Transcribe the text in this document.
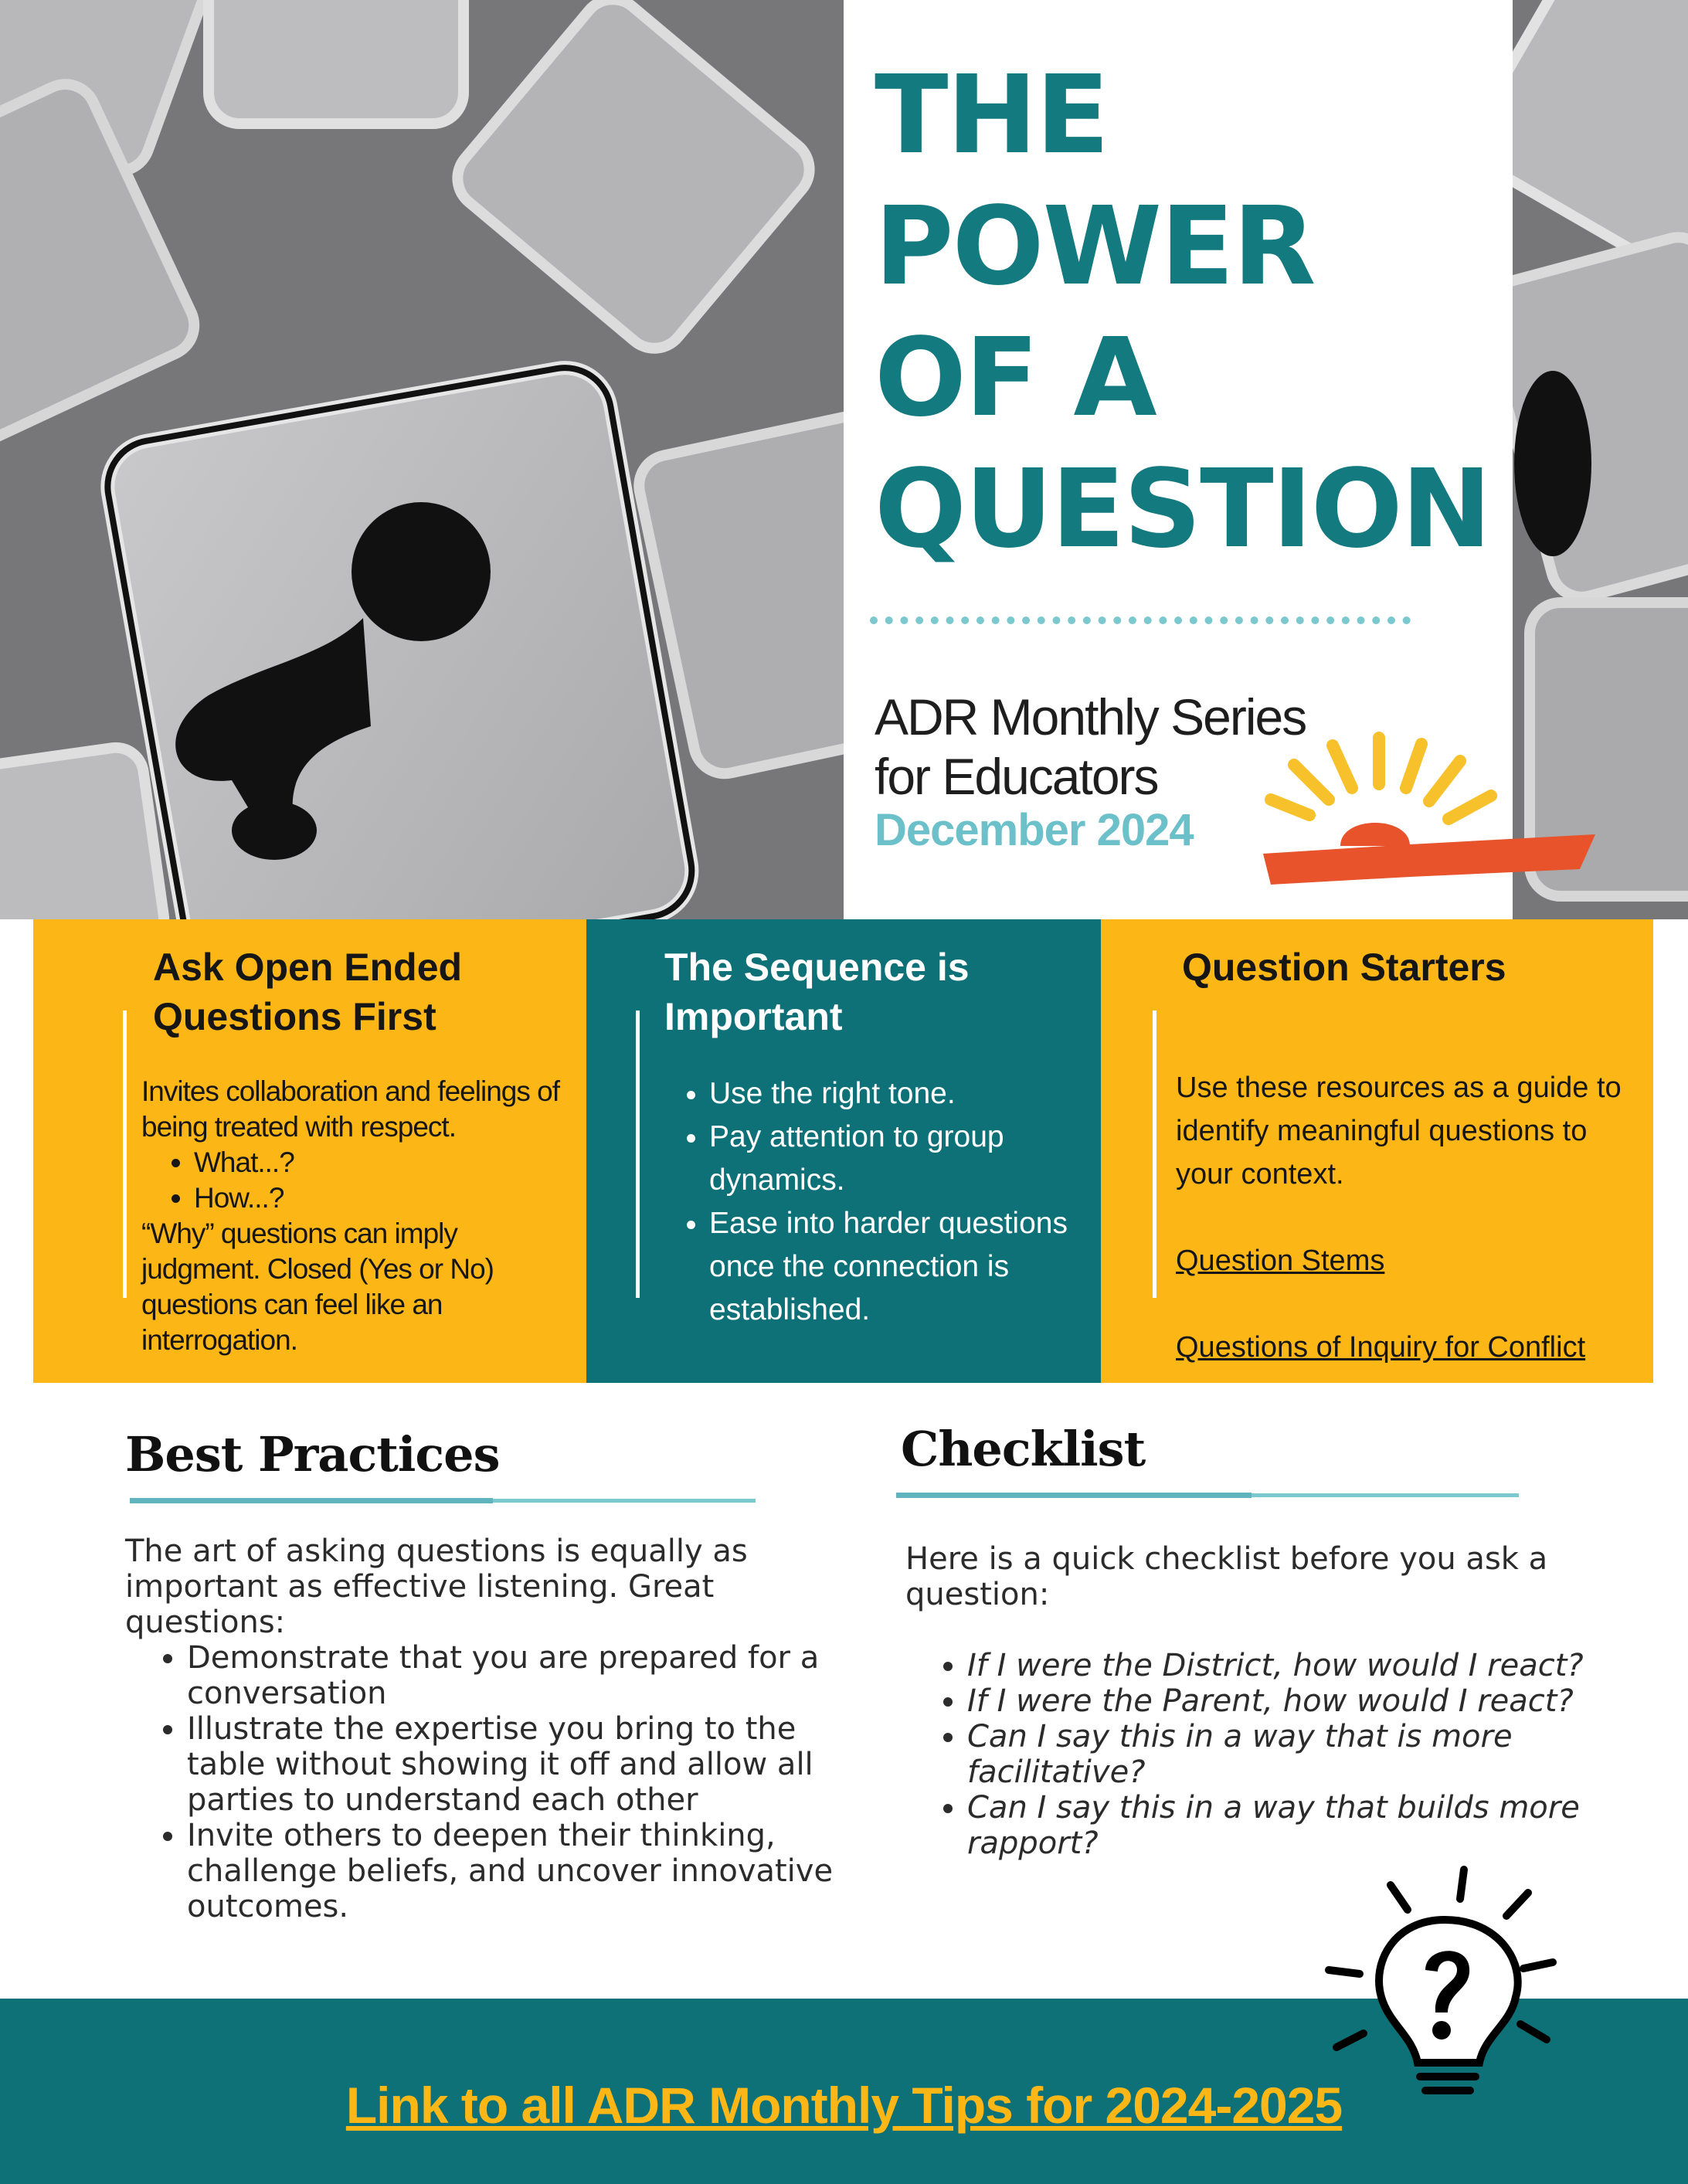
THE
POWER
OF A
QUESTION
ADR Monthly Series
for Educators
December 2024
Ask Open Ended
Questions First
Invites collaboration and feelings of being treated with respect.
• What...?
• How...?
“Why” questions can imply judgment. Closed (Yes or No) questions can feel like an interrogation.
The Sequence is
Important
• Use the right tone.
• Pay attention to group dynamics.
• Ease into harder questions once the connection is established.
Question Starters

Use these resources as a guide to identify meaningful questions to your context.

Question Stems

Questions of Inquiry for Conflict

Best Practices

The art of asking questions is equally as important as effective listening. Great questions:

• Demonstrate that you are prepared for a conversation
• Illustrate the expertise you bring to the table without showing it off and allow all parties to understand each other
• Invite others to deepen their thinking, challenge beliefs, and uncover innovative outcomes.
Checklist

Here is a quick checklist before you ask a question:

• If I were the District, how would I react?
• If I were the Parent, how would I react?
• Can I say this in a way that is more facilitative?
• Can I say this in a way that builds more rapport?
Link to all ADR Monthly Tips for 2024-2025
